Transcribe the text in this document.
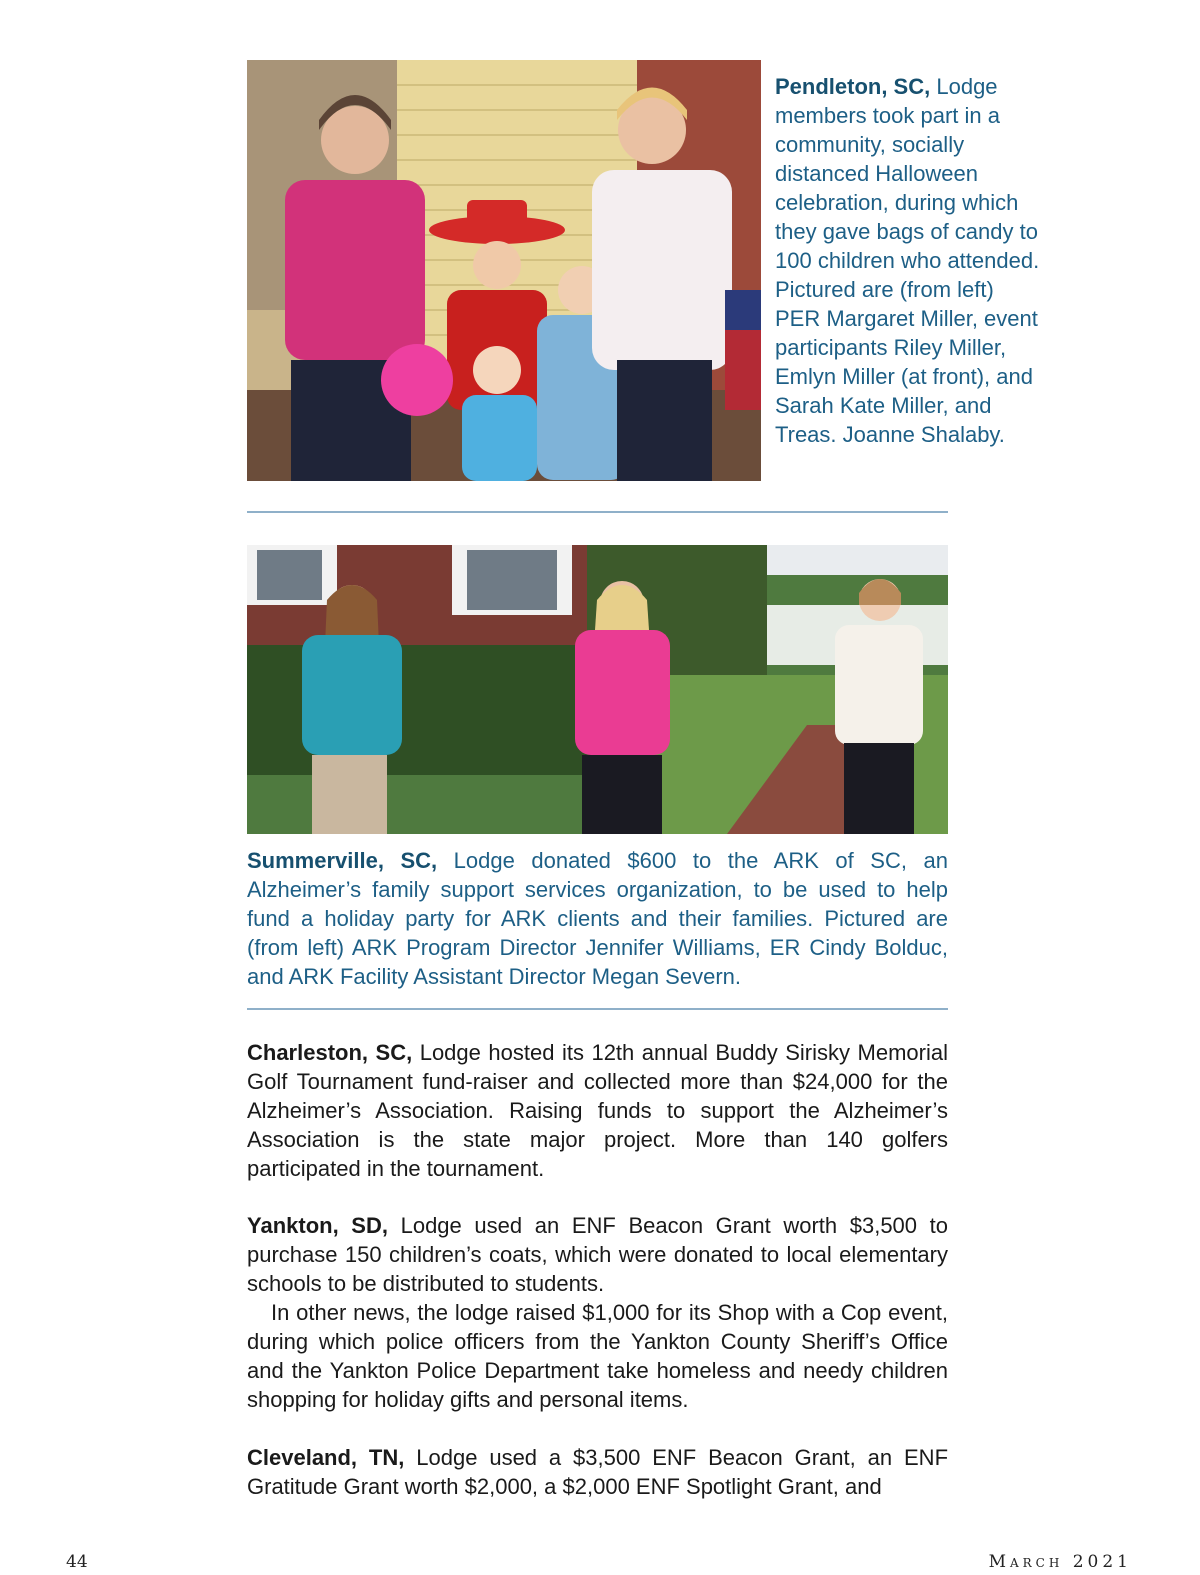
Pendleton, SC, Lodge members took part in a community, socially distanced Halloween celebration, during which they gave bags of candy to 100 children who attended. Pictured are (from left) PER Margaret Miller, event participants Riley Miller, Emlyn Miller (at front), and Sarah Kate Miller, and Treas. Joanne Shalaby.
Summerville, SC, Lodge donated $600 to the ARK of SC, an Alzheimer’s family support services organization, to be used to help fund a holiday party for ARK clients and their families. Pictured are (from left) ARK Program Director Jennifer Williams, ER Cindy Bolduc, and ARK Facility Assistant Director Megan Severn.

Charleston, SC, Lodge hosted its 12th annual Buddy Sirisky Memorial Golf Tournament fund-raiser and collected more than $24,000 for the Alzheimer’s Association. Raising funds to support the Alzheimer’s Association is the state major project. More than 140 golfers participated in the tournament.

Yankton, SD, Lodge used an ENF Beacon Grant worth $3,500 to purchase 150 children’s coats, which were donated to local elementary schools to be distributed to students.

In other news, the lodge raised $1,000 for its Shop with a Cop event, during which police officers from the Yankton County Sheriff’s Office and the Yankton Police Department take homeless and needy children shopping for holiday gifts and personal items.

Cleveland, TN, Lodge used a $3,500 ENF Beacon Grant, an ENF Gratitude Grant worth $2,000, a $2,000 ENF Spotlight Grant, and

44	March 2021
